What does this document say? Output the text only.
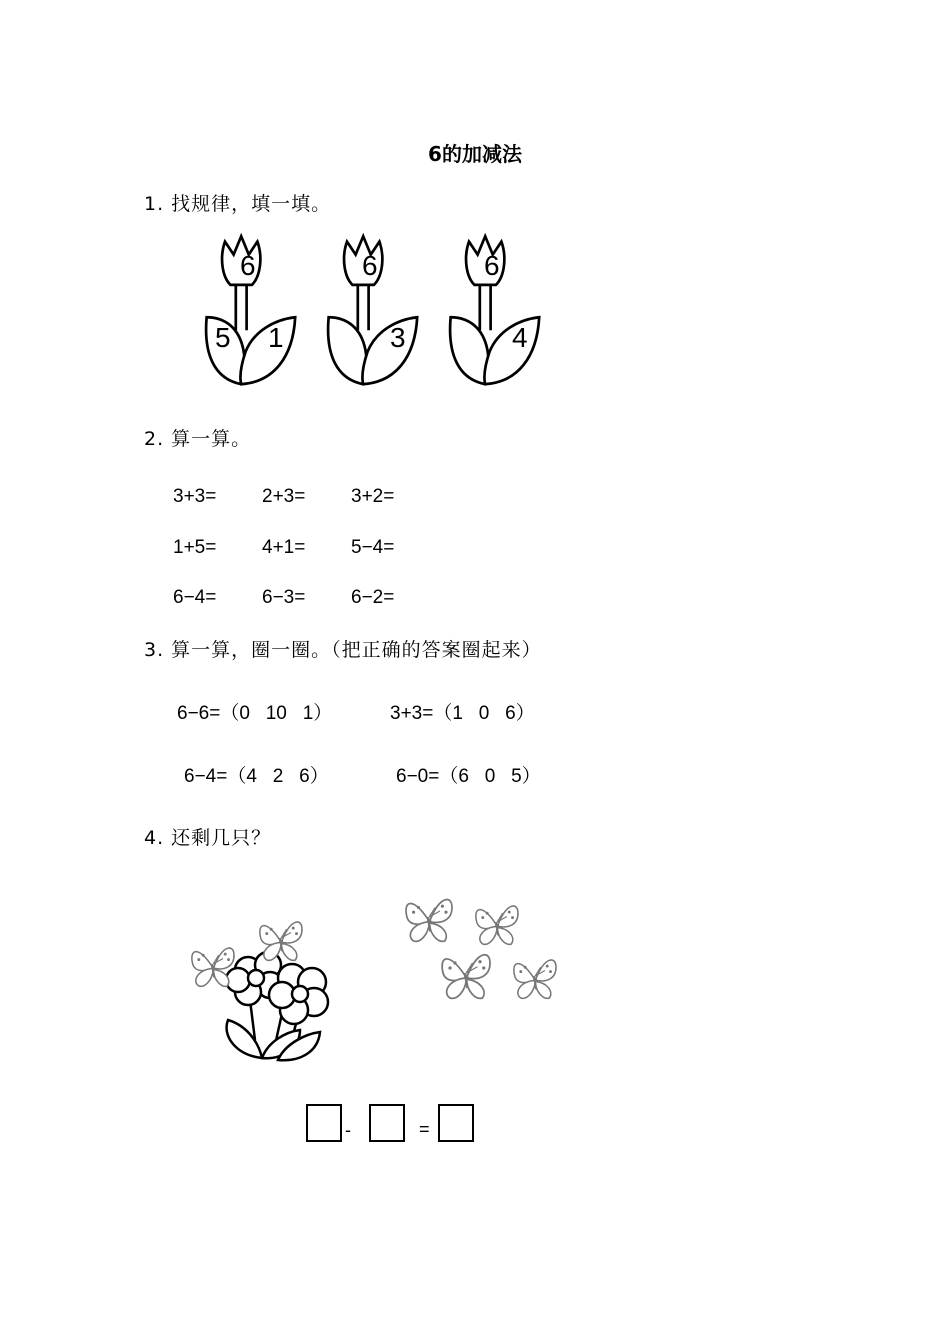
6的加减法
1. 找规律，填一填。
6
5 1
6
3
6
4
2. 算一算。
3+3= 2+3= 3+2=
1+5= 4+1= 5−4=
6−4= 6−3= 6−2=
3. 算一算，圈一圈。（把正确的答案圈起来）
6−6=（0   10   1）	3+3=（1   0   6）
6−4=（4   2   6）	6−0=（6   0   5）
4. 还剩几只？
-	=
